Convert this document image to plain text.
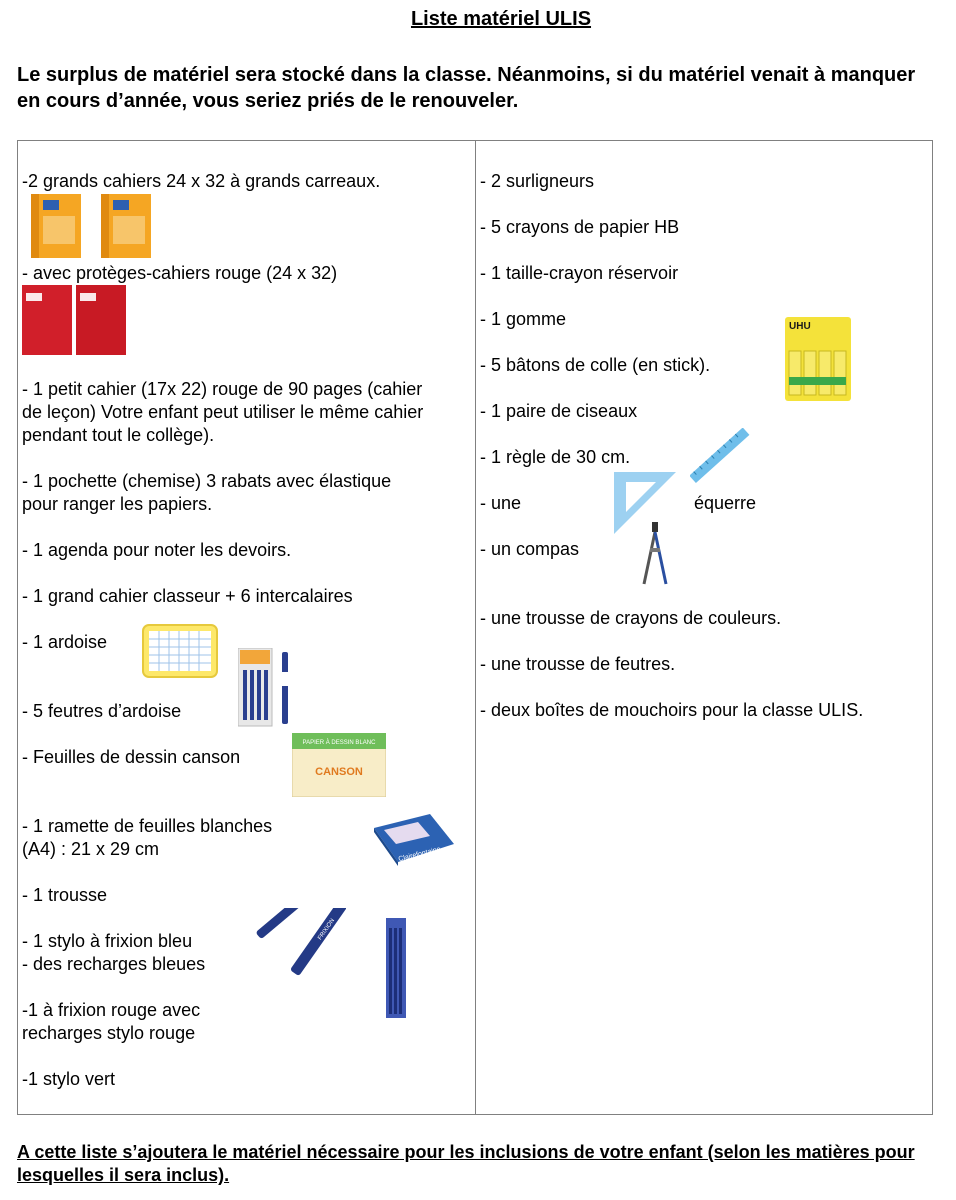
Liste matériel ULIS
Le surplus de matériel sera stocké dans la classe. Néanmoins, si du matériel venait à manquer en cours d’année, vous seriez priés de le renouveler.
-2 grands cahiers 24 x 32 à grands carreaux.
- avec protèges-cahiers rouge (24 x 32)
- 1 petit cahier (17x 22) rouge de 90 pages (cahier
de leçon) Votre enfant peut utiliser le même cahier
pendant tout le collège).
- 1 pochette (chemise) 3 rabats avec élastique
pour ranger les papiers.
- 1 agenda pour noter les devoirs.
- 1 grand cahier classeur + 6 intercalaires
- 1 ardoise
- 5 feutres d’ardoise
- Feuilles de dessin canson
PAPIER À DESSIN BLANC
CANSON
- 1 ramette de feuilles blanches
(A4) : 21 x 29 cm	Clairefontaine
- 1 trousse
FRIXION
- 1 stylo à frixion bleu
- des recharges bleues
-1 à frixion rouge avec
recharges stylo rouge
-1 stylo vert
- 2 surligneurs
- 5 crayons de papier HB
- 1 taille-crayon réservoir
- 1 gomme	UHU
- 5 bâtons de colle (en stick).
- 1 paire de ciseaux
- 1 règle de 30 cm.
- une	équerre
- un compas
- une trousse de crayons de couleurs.
- une trousse de feutres.
- deux boîtes de mouchoirs pour la classe ULIS.
A cette liste s’ajoutera le matériel nécessaire pour les inclusions de votre enfant (selon les matières pour lesquelles il sera inclus).
